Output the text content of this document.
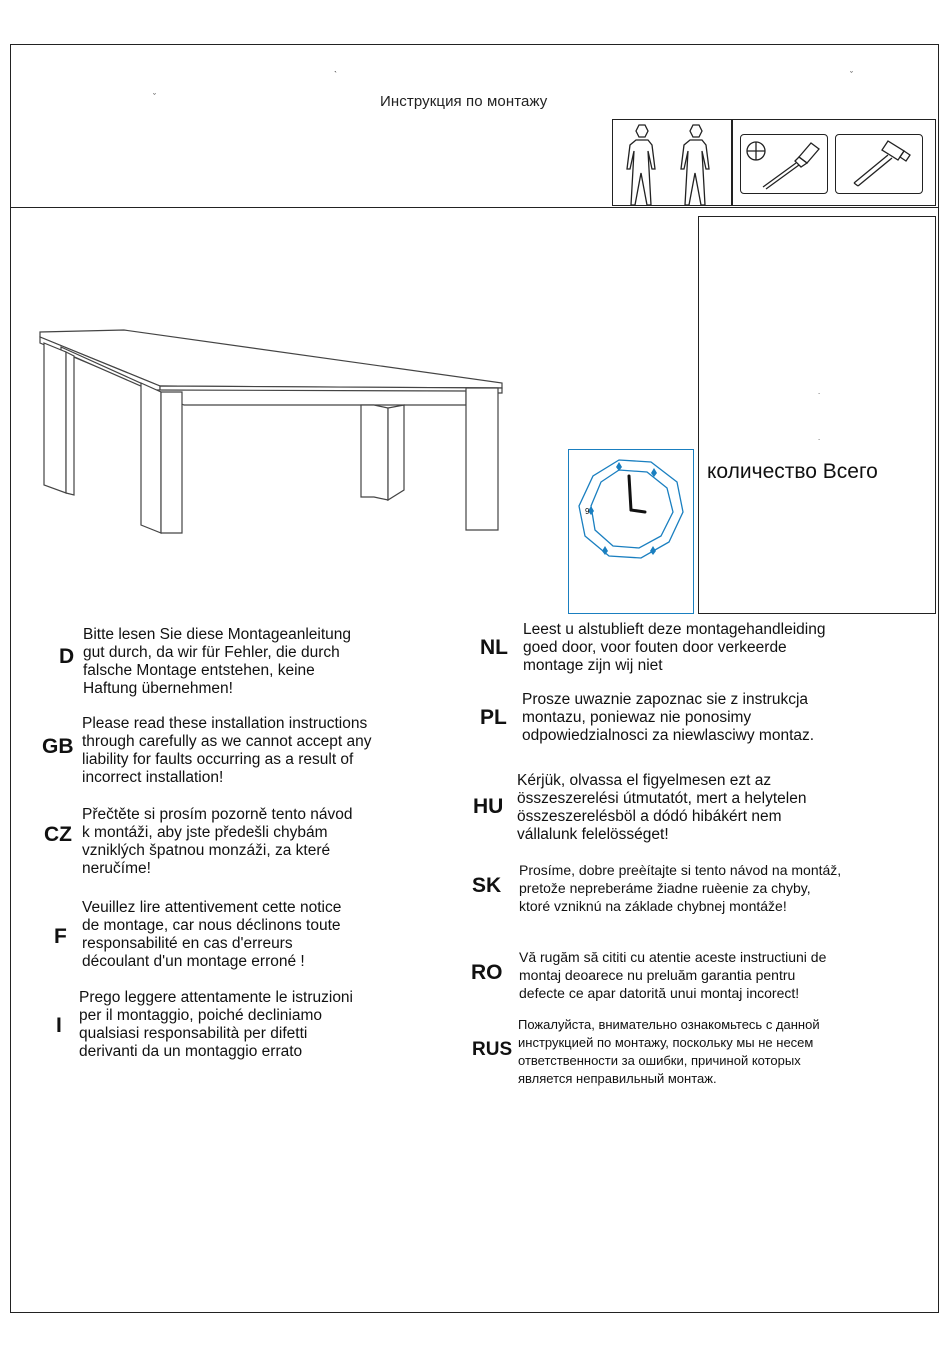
`	ˇ
ˇ	Инструкция по монтажу
9
˙
˙
количество Всего
D
Bitte lesen Sie diese Montageanleitung
gut durch, da wir für Fehler, die durch
falsche Montage entstehen, keine
Haftung übernehmen!
GB
Please read these installation instructions
through carefully as we cannot accept any
liability for faults occurring as a result of
incorrect installation!
CZ
Přečtěte si prosím pozorně tento návod
k montáži, aby jste předešli chybám
vzniklých špatnou monzáži, za které
neručíme!
F
Veuillez lire attentivement cette notice
de montage, car nous déclinons toute
responsabilité en cas d'erreurs
découlant d'un montage erroné !
I
Prego leggere attentamente le istruzioni
per il montaggio, poiché decliniamo
qualsiasi responsabilità per difetti
derivanti da un montaggio errato
NL
Leest u alstublieft deze montagehandleiding
goed door, voor fouten door verkeerde
montage zijn wij niet
PL
Prosze uwaznie zapoznac sie z instrukcja
montazu, poniewaz nie ponosimy
odpowiedzialnosci za niewlasciwy montaz.
HU
Kérjük, olvassa el figyelmesen ezt az
összeszerelési útmutatót, mert a helytelen
összeszerelésböl a dódó hibákért nem
vállalunk felelösséget!
SK
Prosíme, dobre preèítajte si tento návod na montáž,
pretože nepreberáme žiadne ruèenie za chyby,
ktoré vzniknú na základe chybnej montáže!
RO
Vă rugăm să cititi cu atentie aceste instructiuni de
montaj deoarece nu preluăm garantia pentru
defecte ce apar datorită unui montaj incorect!
RUS
Пожалуйста, внимательно ознакомьтесь с данной
инструкцией по монтажу, поскольку мы не несем
ответственности за ошибки, причиной которых
является неправильный монтаж.
